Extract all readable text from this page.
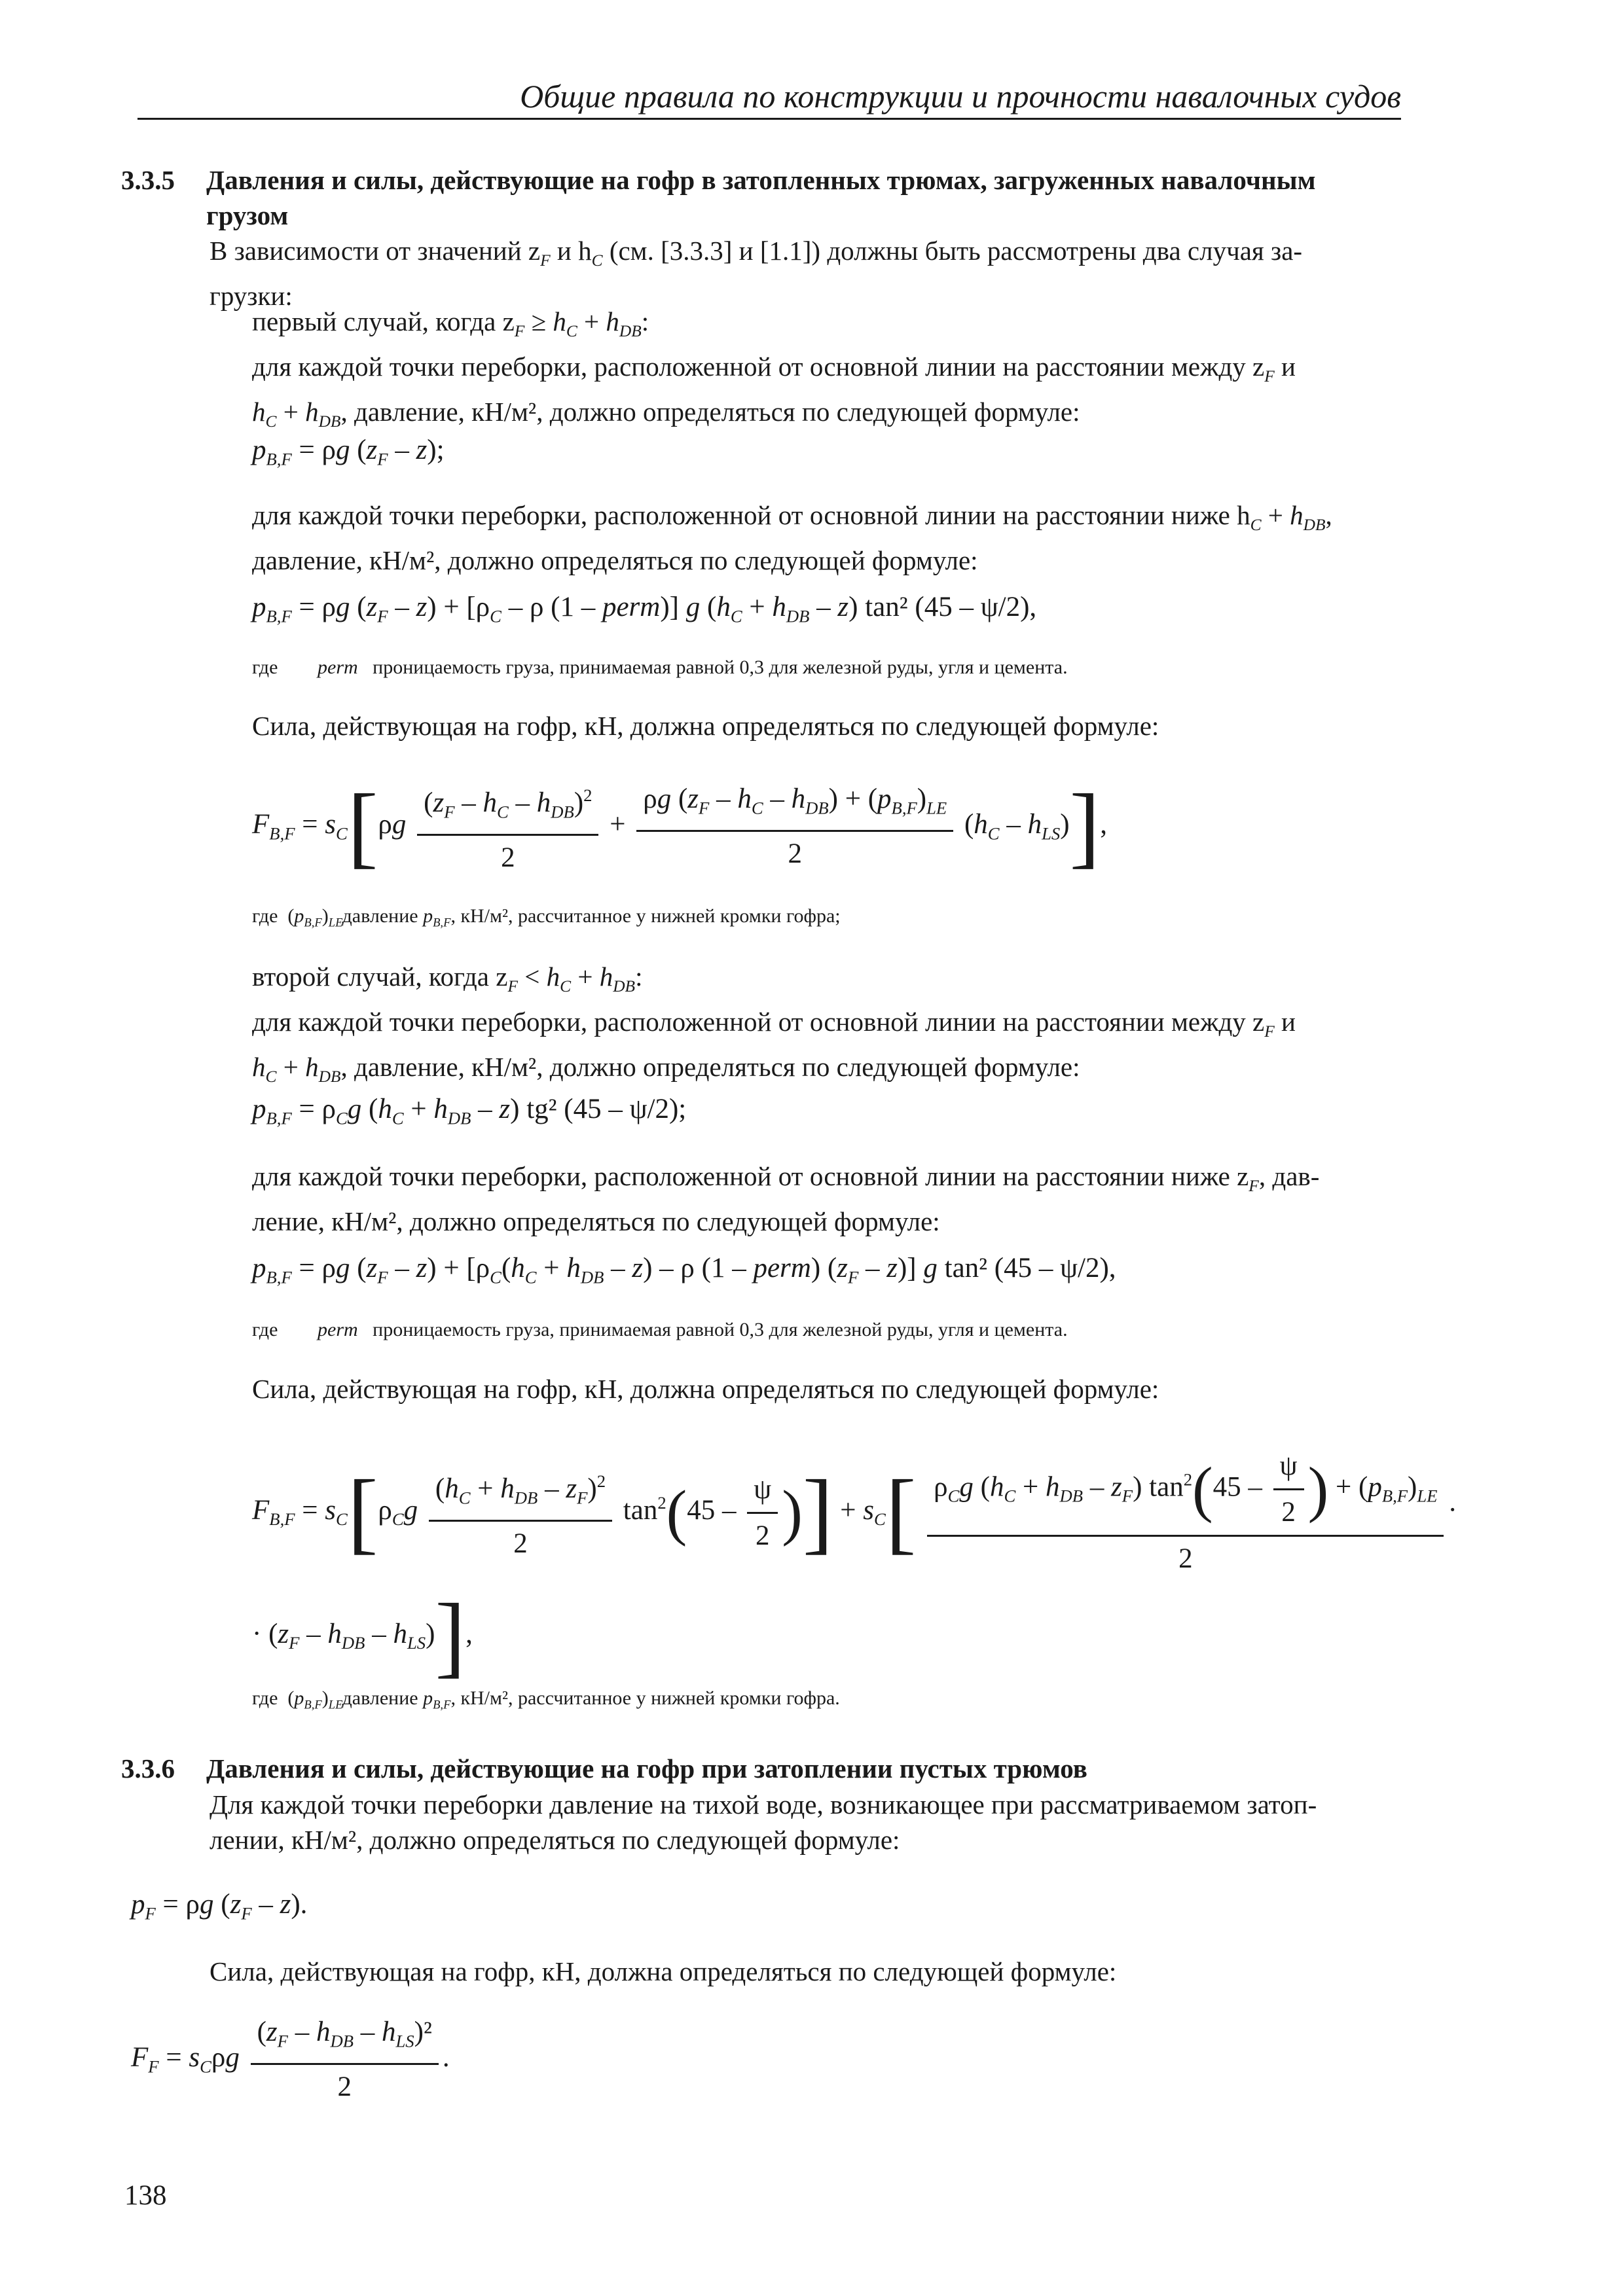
Общие правила по конструкции и прочности навалочных судов
3.3.5 Давления и силы, действующие на гофр в затопленных трюмах, загруженных навалочным
грузом
В зависимости от значений $z_F$ и $h_C$ (см. [3.3.3] и [1.1]) должны быть рассмотрены два случая за-
грузки:
первый случай, когда $z_F \ge h_C + h_{DB}$:
для каждой точки переборки, расположенной от основной линии на расстоянии между $z_F$ и
$h_C + h_{DB}$, давление, кН/м², должно определяться по следующей формуле:
$p_{B,F} = \rho g$ $(z_F - z)$;
для каждой точки переборки, расположенной от основной линии на расстоянии ниже $h_C + h_{DB}$,
давление, кН/м², должно определяться по следующей формуле:
$p_{B,F} = \rho g$ $(z_F - z) + [\rho_C - \rho$ (1 – perm)] g $(h_C + h_{DB} - z)$ tan² (45 – ψ/2),
где perm проницаемость груза, принимаемая равной 0,3 для железной руды, угля и цемента.
Сила, действующая на гофр, кН, должна определяться по следующей формуле:
$F_{B,F} = s_C[\rho g \frac{(z_F - h_C - h_{DB})^2}{2} + \frac{\rho g (z_F - h_C - h_{DB}) + (p_{B,F})_{LE}}{2} (h_C - h_{LS})]$,
где  $(p_{B,F})_{LE}$     давление $p_{B,F}$, кН/м², рассчитанное у нижней кромки гофра;
второй случай, когда $z_F < h_C + h_{DB}$:
для каждой точки переборки, расположенной от основной линии на расстоянии между $z_F$ и
$h_C + h_{DB}$, давление, кН/м², должно определяться по следующей формуле:
$p_{B,F} = \rho_Cg$ $(h_C + h_{DB} - z)$ tg² (45 – ψ/2);
для каждой точки переборки, расположенной от основной линии на расстоянии ниже $z_F$, дав-
ление, кН/м², должно определяться по следующей формуле:
$p_{B,F} = \rho g$ $(z_F - z) + [\rho_C(h_C + h_{DB} - z) - \rho$ (1 – perm) $(z_F - z)$] g tan² (45 – ψ/2),
где perm проницаемость груза, принимаемая равной 0,3 для железной руды, угля и цемента.
Сила, действующая на гофр, кН, должна определяться по следующей формуле:
$F_{B,F} = s_C[\rho_Cg \frac{(h_C + h_{DB} - z_F)^2}{2} \tan^2(45 - \frac{\psi}{2}$ )] + $s_C[ \frac{\rho_Cg (h_C + h_{DB} - z_F) \tan^2(45 - \frac{\psi}{2} ) + (p_{B,F})_{LE}}{2}$ ·
· $(z_F - h_{DB} - h_{LS})$],
где  $(p_{B,F})_{LE}$     давление $p_{B,F}$, кН/м², рассчитанное у нижней кромки гофра.
3.3.6 Давления и силы, действующие на гофр при затоплении пустых трюмов
Для каждой точки переборки давление на тихой воде, возникающее при рассматриваемом затоп-
лении, кН/м², должно определяться по следующей формуле:
$p_F = \rho g$ $(z_F - z)$.
Сила, действующая на гофр, кН, должна определяться по следующей формуле:
$F_F = s_C\rho g \frac{(z_F - h_{DB} - h_{LS})^2}{2}$ .
138
